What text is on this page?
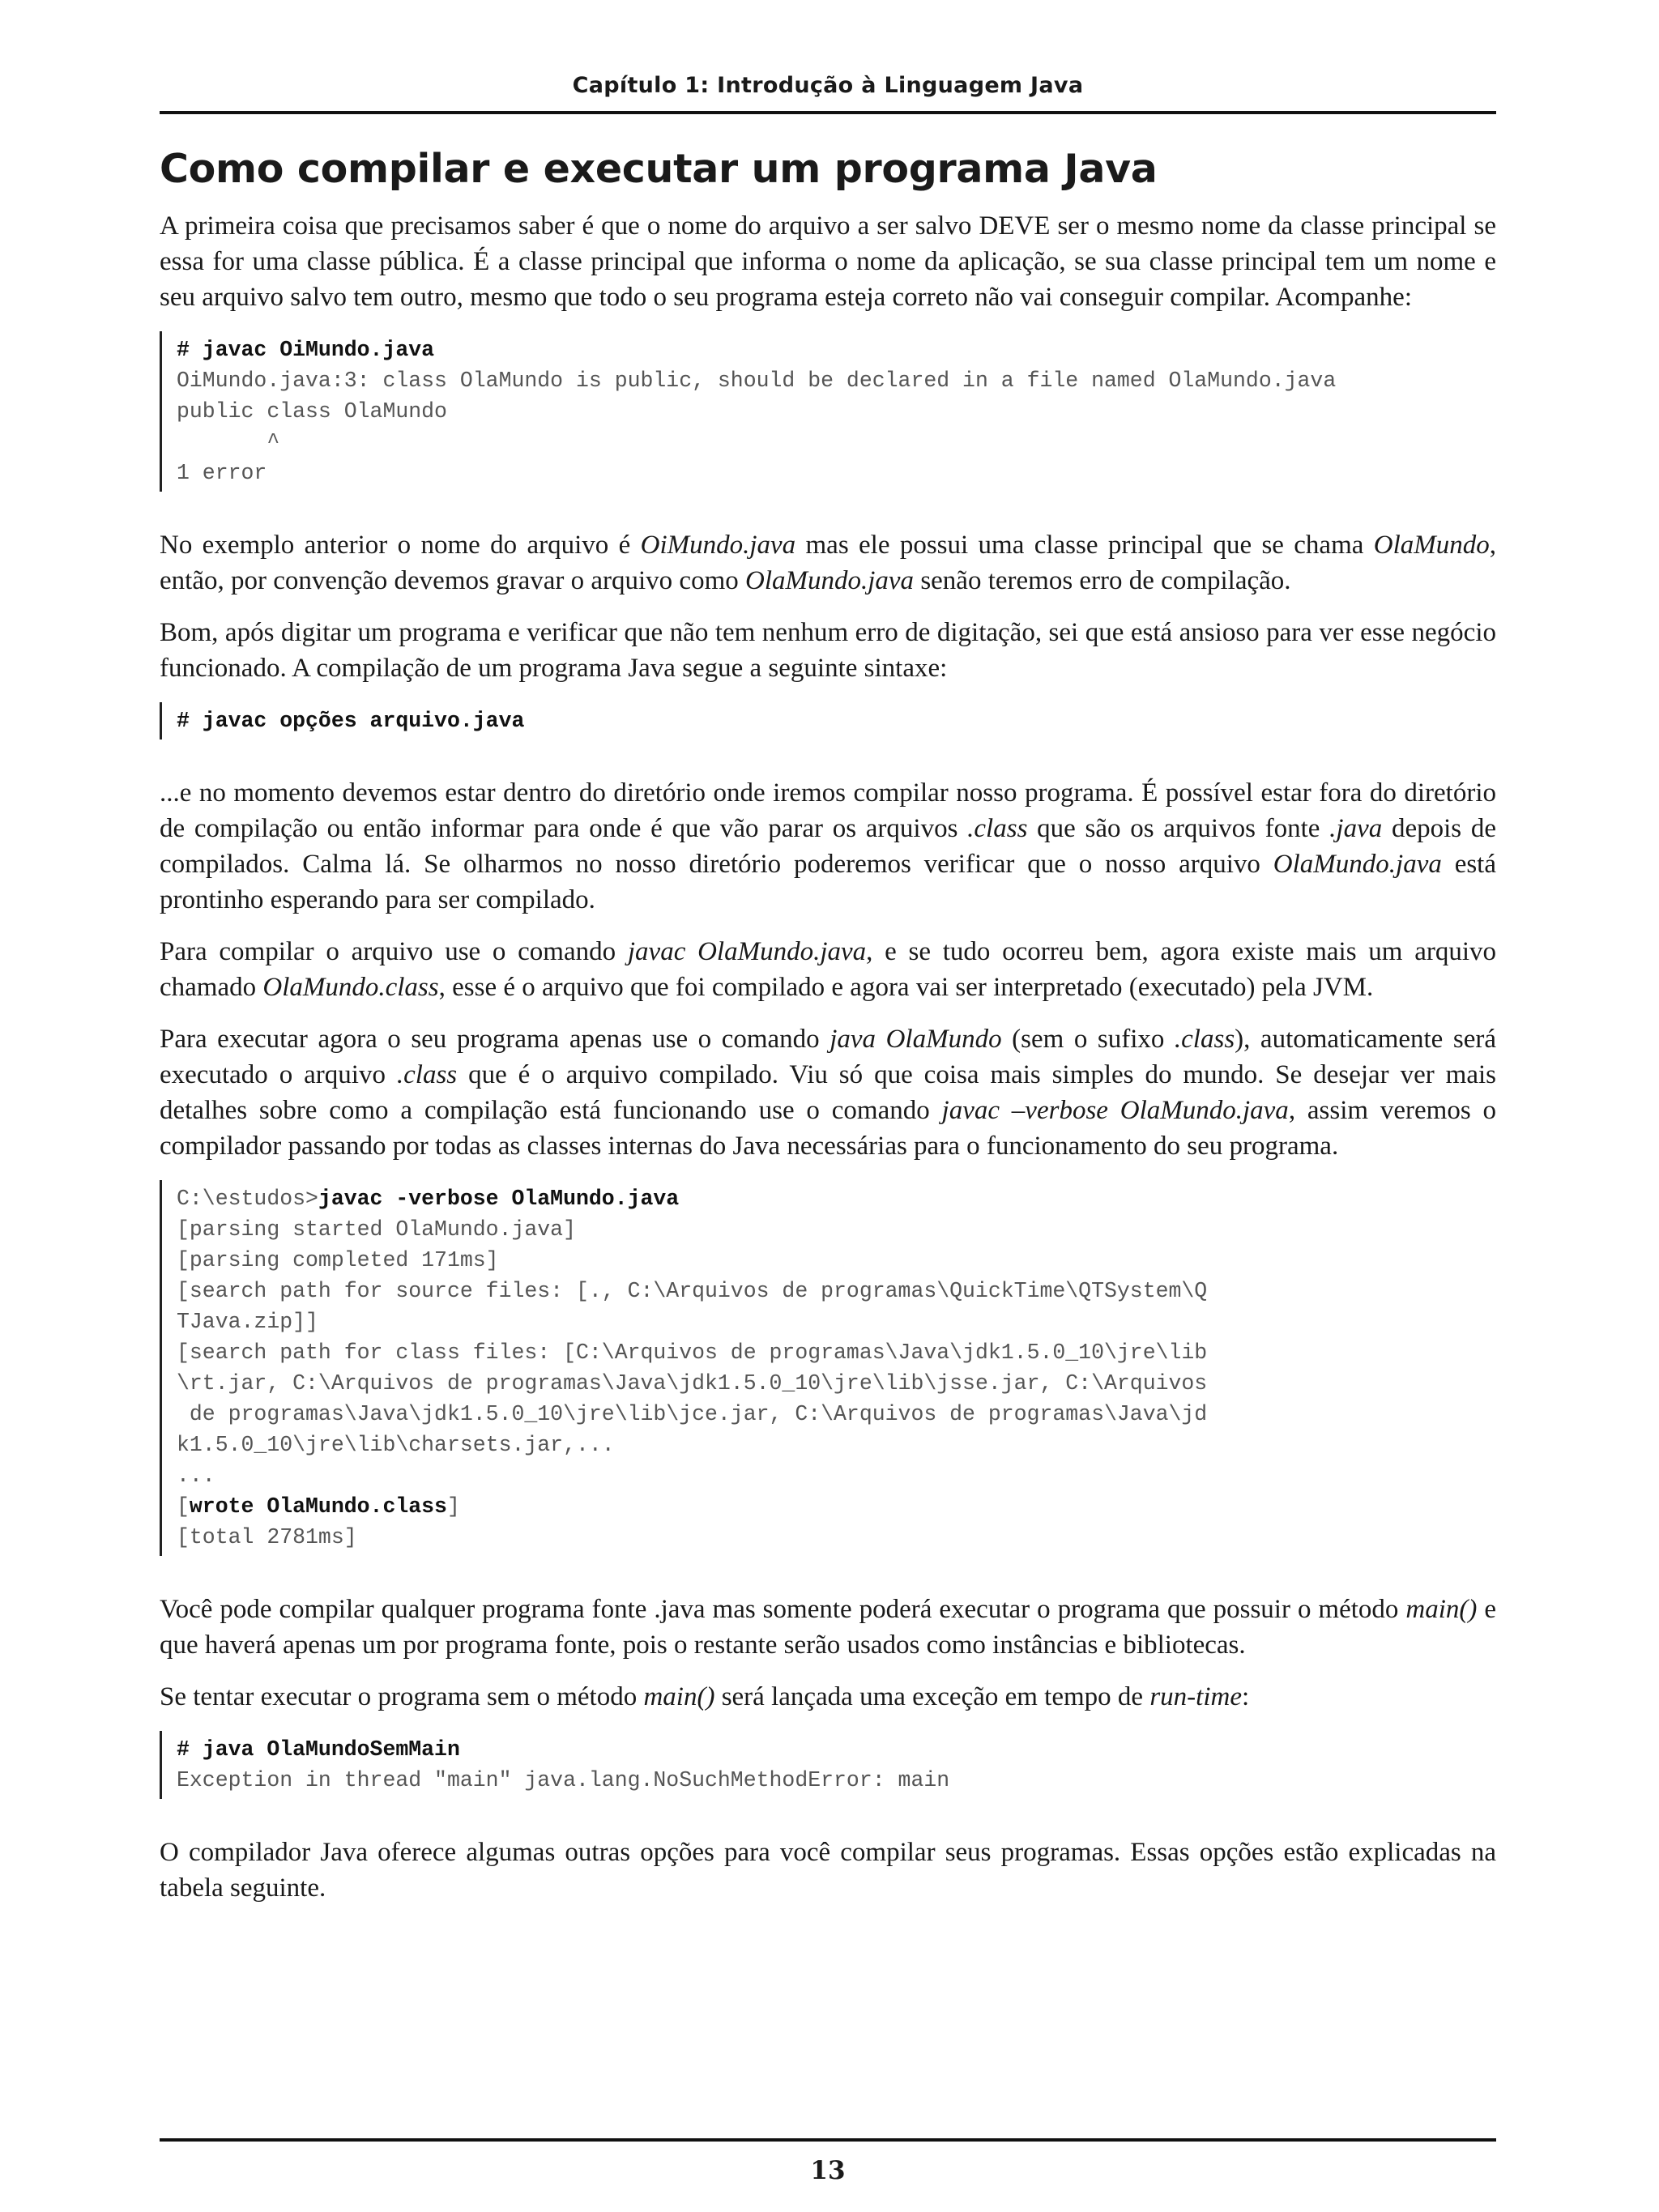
Capítulo 1: Introdução à Linguagem Java
Como compilar e executar um programa Java

A primeira coisa que precisamos saber é que o nome do arquivo a ser salvo DEVE ser o mesmo nome da classe principal se essa for uma classe pública. É a classe principal que informa o nome da aplicação, se sua classe principal tem um nome e seu arquivo salvo tem outro, mesmo que todo o seu programa esteja correto não vai conseguir compilar. Acompanhe:

# javac OiMundo.java
OiMundo.java:3: class OlaMundo is public, should be declared in a file named OlaMundo.java
public class OlaMundo
^
1 error

No exemplo anterior o nome do arquivo é OiMundo.java mas ele possui uma classe principal que se chama OlaMundo, então, por convenção devemos gravar o arquivo como OlaMundo.java senão teremos erro de compilação.

Bom, após digitar um programa e verificar que não tem nenhum erro de digitação, sei que está ansioso para ver esse negócio funcionado. A compilação de um programa Java segue a seguinte sintaxe:

# javac opções arquivo.java

...e no momento devemos estar dentro do diretório onde iremos compilar nosso programa. É possível estar fora do diretório de compilação ou então informar para onde é que vão parar os arquivos .class que são os arquivos fonte .java depois de compilados. Calma lá. Se olharmos no nosso diretório poderemos verificar que o nosso arquivo OlaMundo.java está prontinho esperando para ser compilado.

Para compilar o arquivo use o comando javac OlaMundo.java, e se tudo ocorreu bem, agora existe mais um arquivo chamado OlaMundo.class, esse é o arquivo que foi compilado e agora vai ser interpretado (executado) pela JVM.

Para executar agora o seu programa apenas use o comando java OlaMundo (sem o sufixo .class), automaticamente será executado o arquivo .class que é o arquivo compilado. Viu só que coisa mais simples do mundo. Se desejar ver mais detalhes sobre como a compilação está funcionando use o comando javac –verbose OlaMundo.java, assim veremos o compilador passando por todas as classes internas do Java necessárias para o funcionamento do seu programa.

C:\estudos>javac -verbose OlaMundo.java
[parsing started OlaMundo.java]
[parsing completed 171ms]
[search path for source files: [., C:\Arquivos de programas\QuickTime\QTSystem\Q
TJava.zip]]
[search path for class files: [C:\Arquivos de programas\Java\jdk1.5.0_10\jre\lib
\rt.jar, C:\Arquivos de programas\Java\jdk1.5.0_10\jre\lib\jsse.jar, C:\Arquivos
de programas\Java\jdk1.5.0_10\jre\lib\jce.jar, C:\Arquivos de programas\Java\jd
k1.5.0_10\jre\lib\charsets.jar,...
...
[wrote OlaMundo.class]
[total 2781ms]

Você pode compilar qualquer programa fonte .java mas somente poderá executar o programa que possuir o método main() e que haverá apenas um por programa fonte, pois o restante serão usados como instâncias e bibliotecas.

Se tentar executar o programa sem o método main() será lançada uma exceção em tempo de run-time:

# java OlaMundoSemMain
Exception in thread "main" java.lang.NoSuchMethodError: main

O compilador Java oferece algumas outras opções para você compilar seus programas. Essas opções estão explicadas na tabela seguinte.

13
